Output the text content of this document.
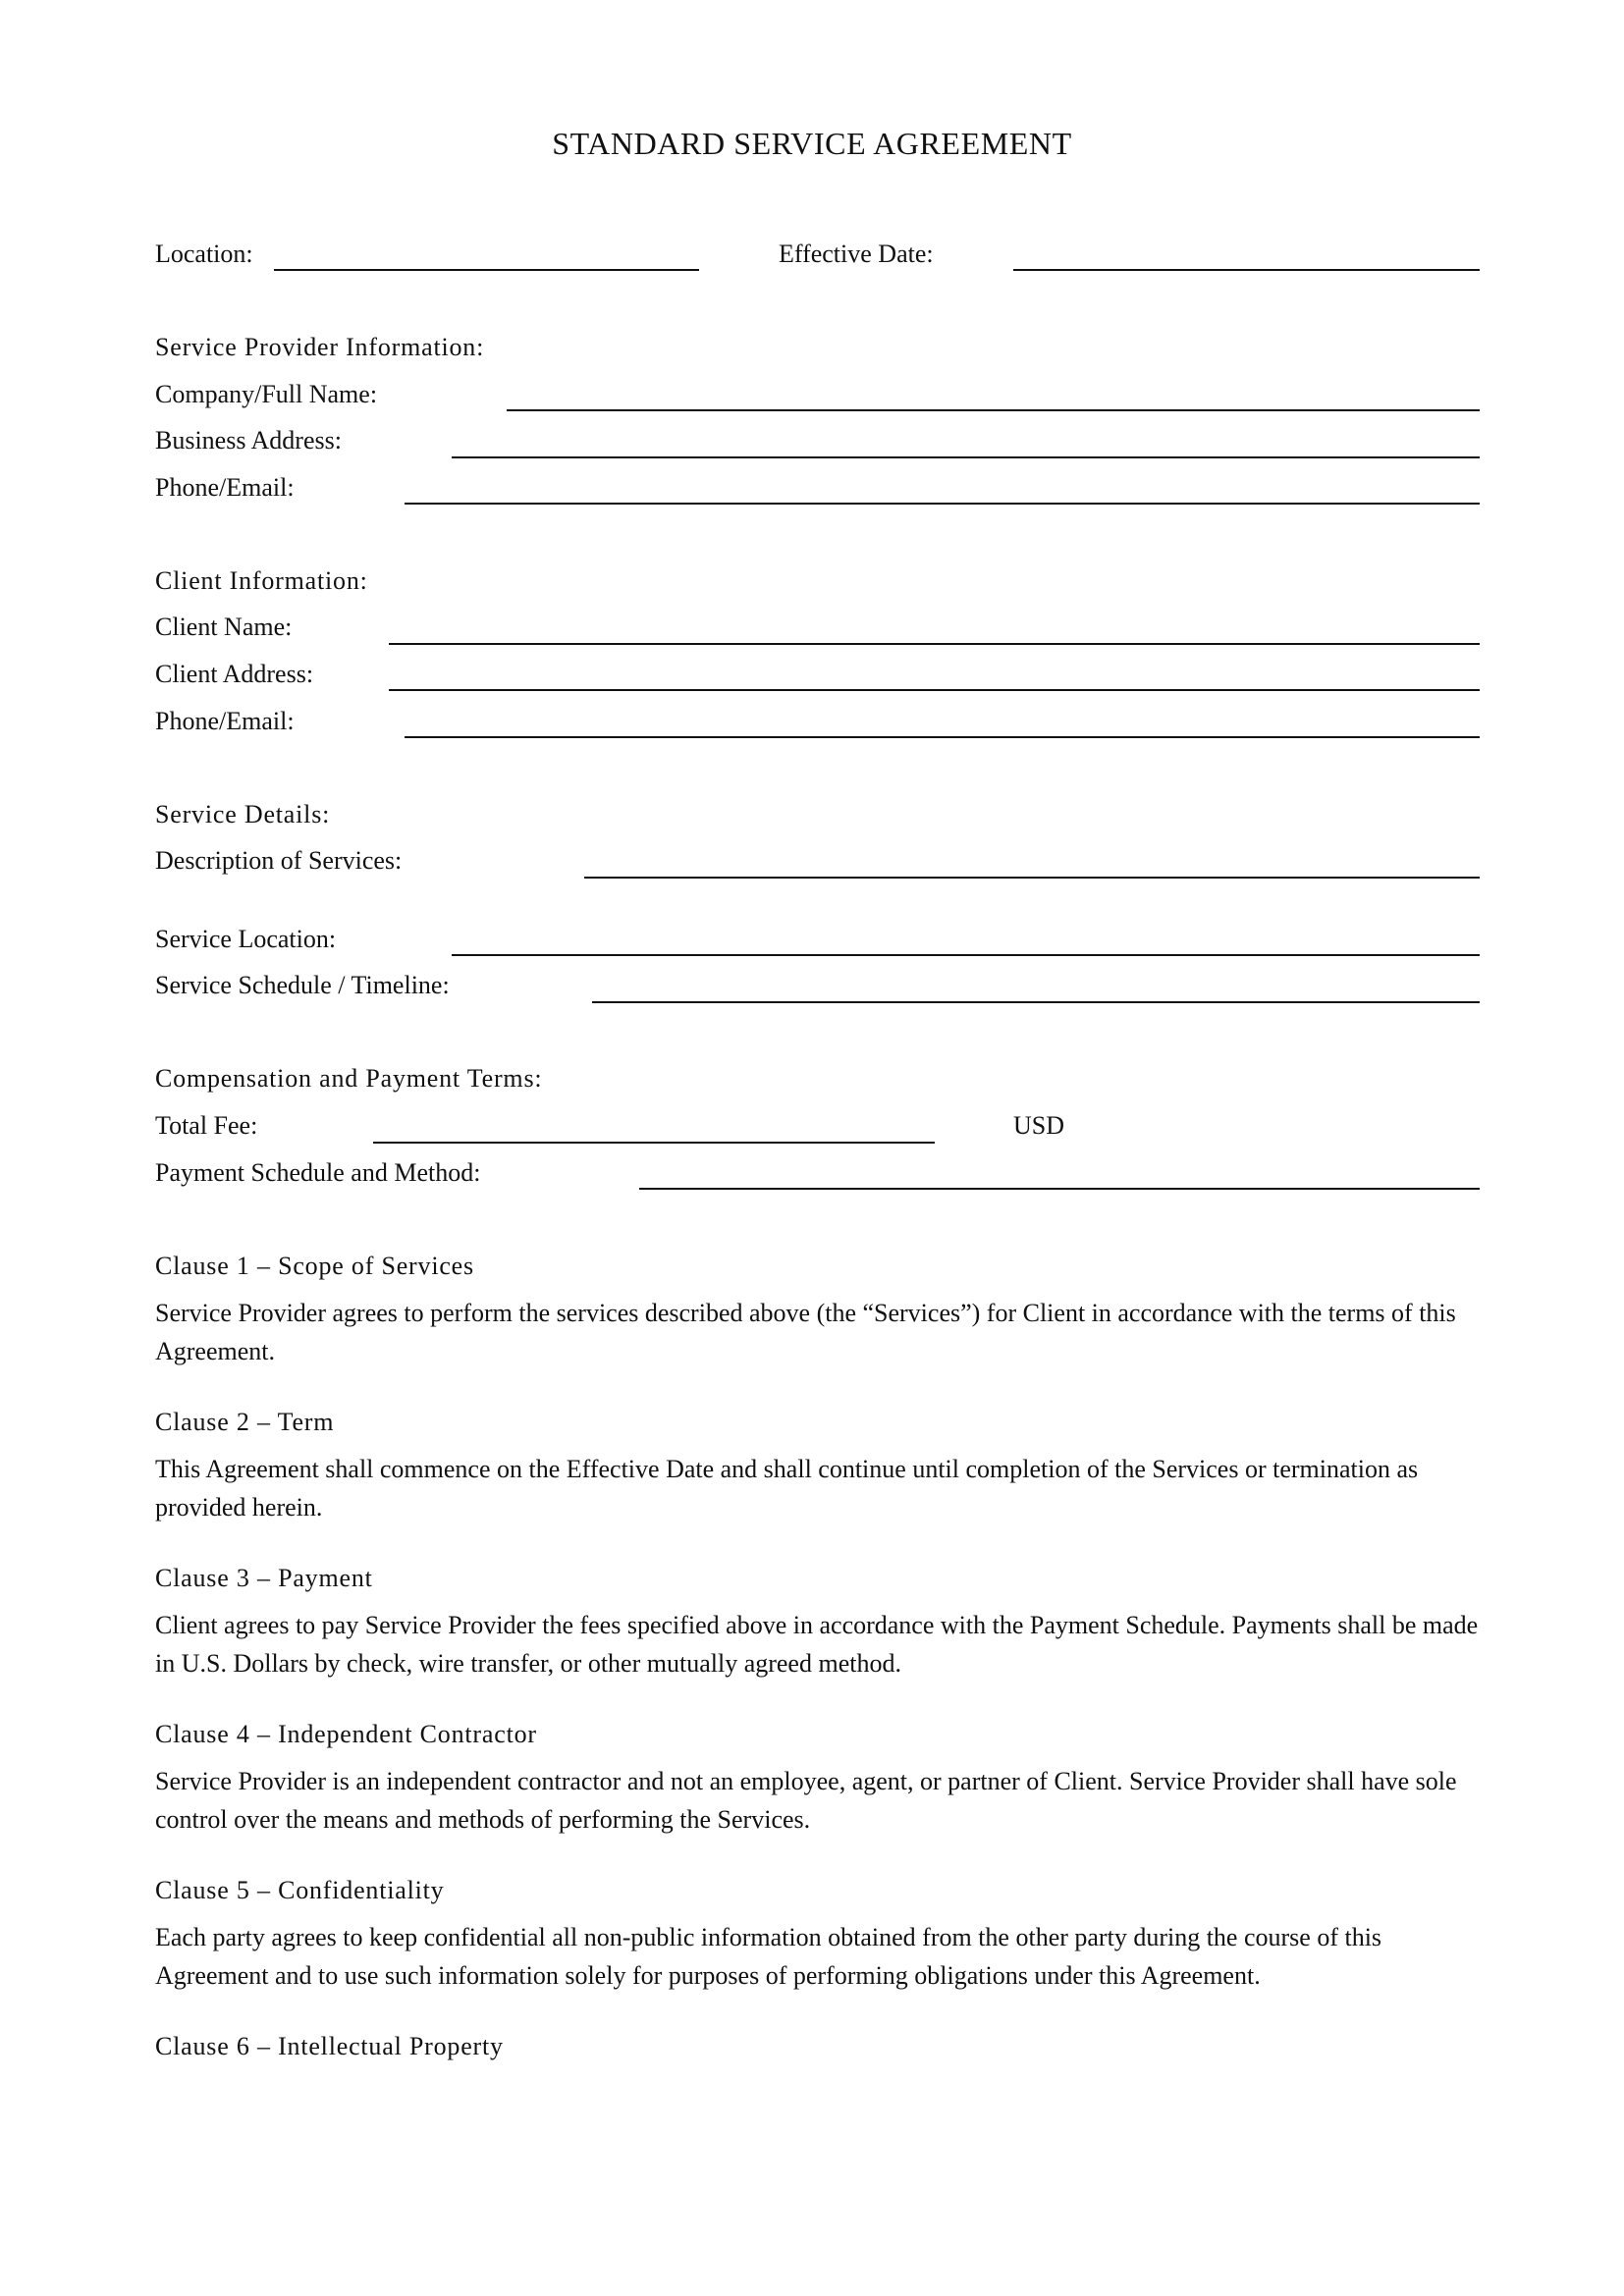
STANDARD SERVICE AGREEMENT
Location:	Effective Date:
Service Provider Information:
Company/Full Name:
Business Address:
Phone/Email:
Client Information:
Client Name:
Client Address:
Phone/Email:
Service Details:
Description of Services:
Service Location:
Service Schedule / Timeline:
Compensation and Payment Terms:
Total Fee:	USD
Payment Schedule and Method:
Clause 1 – Scope of Services
Service Provider agrees to perform the services described above (the “Services”) for Client in accordance with the terms of this Agreement.
Clause 2 – Term
This Agreement shall commence on the Effective Date and shall continue until completion of the Services or termination as provided herein.
Clause 3 – Payment
Client agrees to pay Service Provider the fees specified above in accordance with the Payment Schedule. Payments shall be made in U.S. Dollars by check, wire transfer, or other mutually agreed method.
Clause 4 – Independent Contractor
Service Provider is an independent contractor and not an employee, agent, or partner of Client. Service Provider shall have sole control over the means and methods of performing the Services.
Clause 5 – Confidentiality
Each party agrees to keep confidential all non-public information obtained from the other party during the course of this Agreement and to use such information solely for purposes of performing obligations under this Agreement.
Clause 6 – Intellectual Property
